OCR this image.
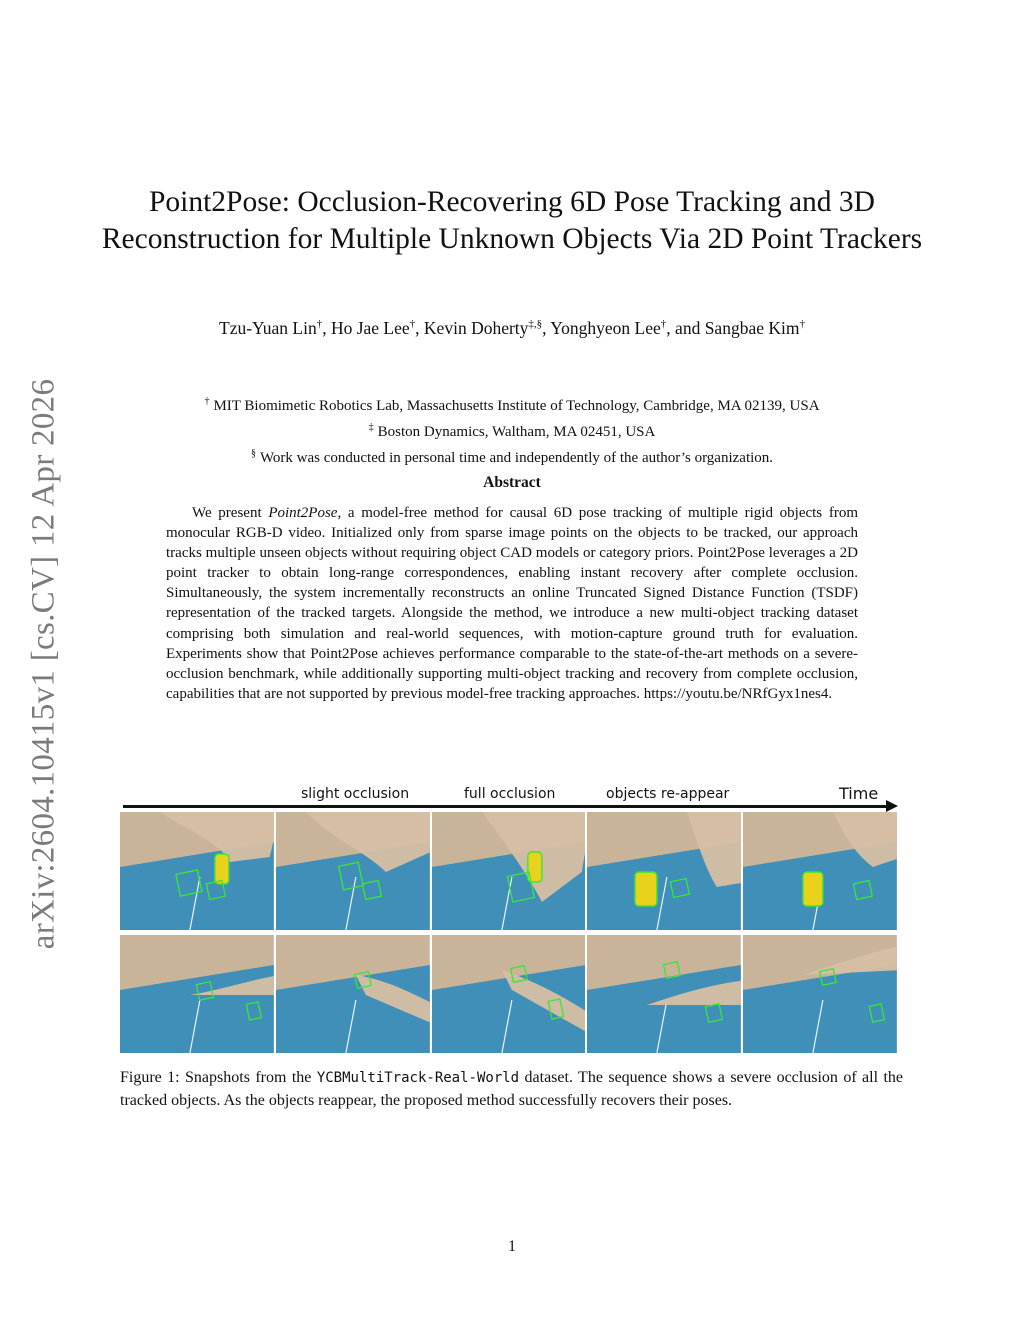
arXiv:2604.10415v1 [cs.CV] 12 Apr 2026
Point2Pose: Occlusion-Recovering 6D Pose Tracking and 3D Reconstruction for Multiple Unknown Objects Via 2D Point Trackers
Tzu-Yuan Lin†, Ho Jae Lee†, Kevin Doherty‡,§, Yonghyeon Lee†, and Sangbae Kim†
† MIT Biomimetic Robotics Lab, Massachusetts Institute of Technology, Cambridge, MA 02139, USA
‡ Boston Dynamics, Waltham, MA 02451, USA
§ Work was conducted in personal time and independently of the author’s organization.
Abstract

We present Point2Pose, a model-free method for causal 6D pose tracking of multiple rigid objects from monocular RGB-D video. Initialized only from sparse image points on the objects to be tracked, our approach tracks multiple unseen objects without requiring object CAD models or category priors. Point2Pose leverages a 2D point tracker to obtain long-range correspondences, enabling instant recovery after complete occlusion. Simultaneously, the system incrementally reconstructs an online Truncated Signed Distance Function (TSDF) representation of the tracked targets. Alongside the method, we introduce a new multi-object tracking dataset comprising both simulation and real-world sequences, with motion-capture ground truth for evaluation. Experiments show that Point2Pose achieves performance comparable to the state-of-the-art methods on a severe-occlusion benchmark, while additionally supporting multi-object tracking and recovery from complete occlusion, capabilities that are not supported by previous model-free tracking approaches. https://youtu.be/NRfGyx1nes4.

slight occlusion	full occlusion	objects re-appear	Time

Figure 1: Snapshots from the YCBMultiTrack-Real-World dataset. The sequence shows a severe occlusion of all the tracked objects. As the objects reappear, the proposed method successfully recovers their poses.

1
